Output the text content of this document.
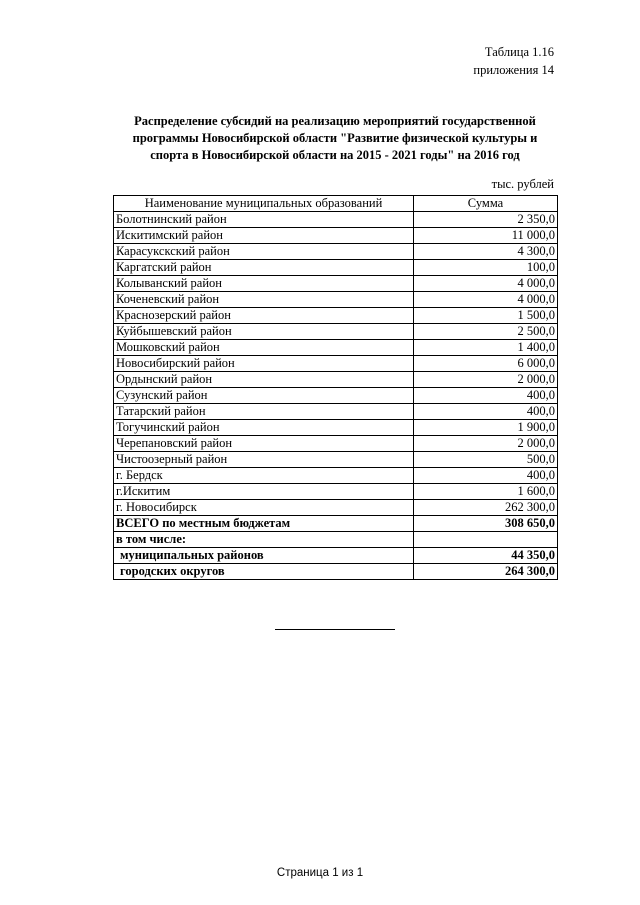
Таблица 1.16
приложения 14
Распределение субсидий на реализацию мероприятий государственной программы Новосибирской области "Развитие физической культуры и спорта в Новосибирской области на 2015 - 2021 годы" на 2016 год
тыс. рублей
Наименование муниципальных образований	Сумма
Болотнинский район	2 350,0
Искитимский район	11 000,0
Карасукскский район	4 300,0
Каргатский район	100,0
Колыванский район	4 000,0
Коченевский район	4 000,0
Краснозерский район	1 500,0
Куйбышевский район	2 500,0
Мошковский район	1 400,0
Новосибирский район	6 000,0
Ордынский район	2 000,0
Сузунский район	400,0
Татарский район	400,0
Тогучинский район	1 900,0
Черепановский район	2 000,0
Чистоозерный район	500,0
г. Бердск	400,0
г.Искитим	1 600,0
г. Новосибирск	262 300,0
ВСЕГО по местным бюджетам	308 650,0
в том числе:	
муниципальных районов	44 350,0
городских округов	264 300,0
Страница 1 из 1
